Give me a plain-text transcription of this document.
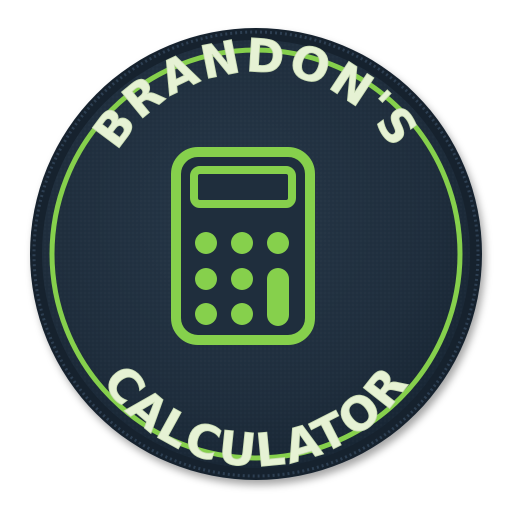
BRANDON'S
CALCULATOR
